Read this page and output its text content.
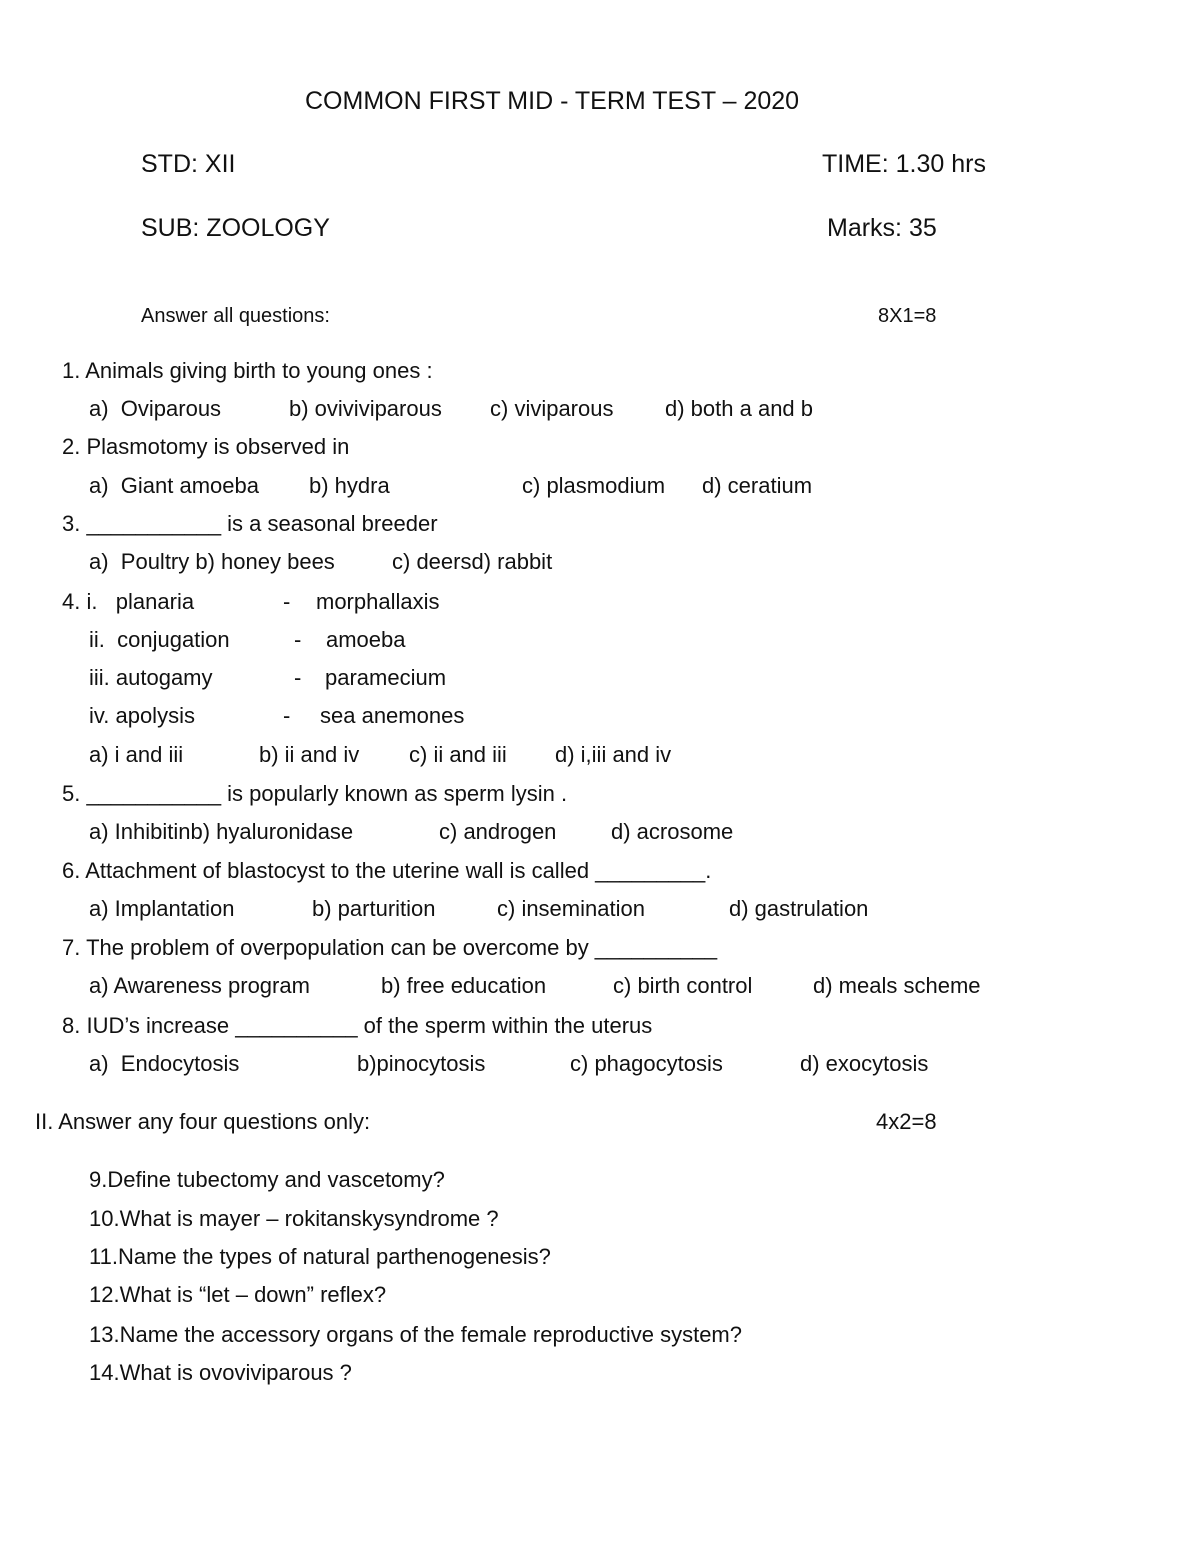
COMMON FIRST MID - TERM TEST – 2020
STD: XII	TIME: 1.30 hrs
SUB: ZOOLOGY	Marks: 35
Answer all questions:	8X1=8
1. Animals giving birth to young ones :
a)  Oviparous	b) ovivi‌viparous c) viviparous d) both a and b
2. Plasmotomy is observed in
a)  Giant amoeba b) hydra	c) plasmodium d) ceratium
3. ___________ is a seasonal breeder
a)  Poultry b) honey bees	c) deersd) rabbit
4. i.   planaria	- morphallaxis
ii.  conjugation	- amoeba
iii. autogamy	- paramecium
iv. apolysis	- sea anemones
a) i and iii	b) ii and iv c) ii and iii d) i,iii and iv
5. ___________ is popularly known as sperm lysin .
a) Inhibitinb) hyaluronidase	c) androgen d) acrosome
6. Attachment of blastocyst to the uterine wall is called _________.
a) Implantation	b) parturition	c) insemination	d) gastrulation
7. The problem of overpopulation can be overcome by __________
a) Awareness program	b) free education	c) birth control	d) meals scheme
8. IUD’s increase __________ of the sperm within the uterus
a)  Endocytosis	b)pinocytosis	c) phagocytosis	d) exocytosis
II. Answer any four questions only:	4x2=8
9.Define tubectomy and vascetomy?
10.What is mayer – rokitanskysyndrome ?
11.Name the types of natural parthenogenesis?
12.What is “let – down” reflex?
13.Name the accessory organs of the female reproductive system?
14.What is ovoviviparous ?
